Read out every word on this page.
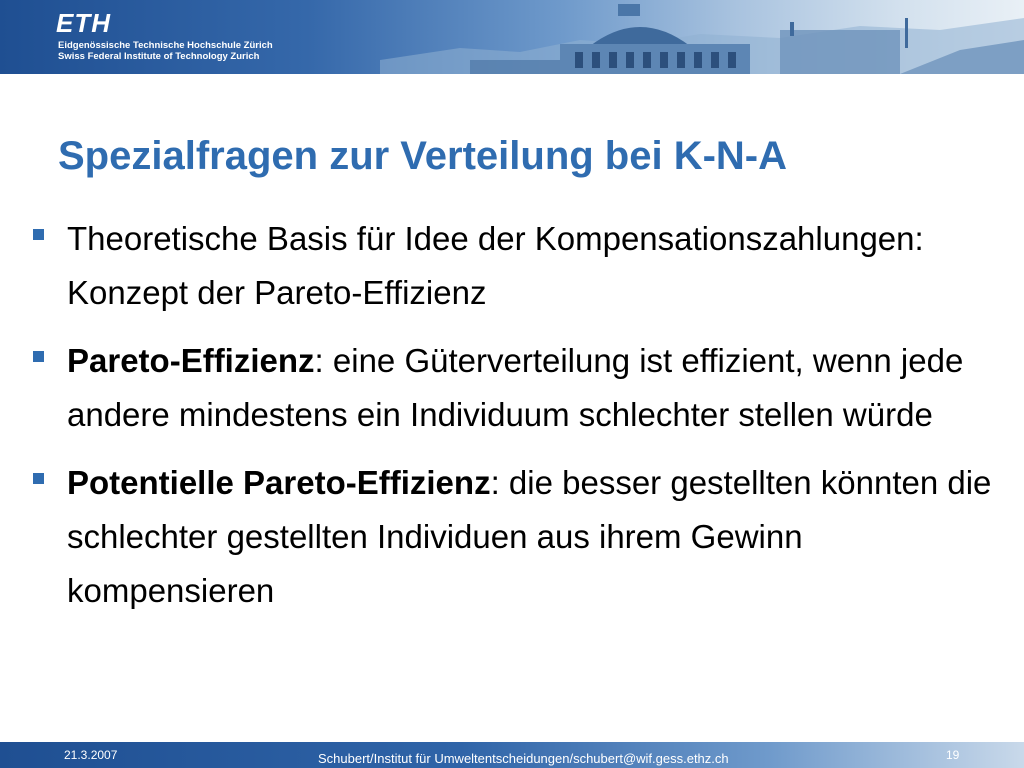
ETH
Eidgenössische Technische Hochschule Zürich
Swiss Federal Institute of Technology Zurich
Spezialfragen zur Verteilung bei K-N-A
Theoretische Basis für Idee der Kompensationszahlungen: Konzept der Pareto-Effizienz
Pareto-Effizienz: eine Güterverteilung ist effizient, wenn jede andere mindestens ein Individuum schlechter stellen würde
Potentielle Pareto-Effizienz: die besser gestellten könnten die schlechter gestellten Individuen aus ihrem Gewinn kompensieren
21.3.2007	Schubert/Institut für Umweltentscheidungen/schubert@wif.gess.ethz.ch	19
